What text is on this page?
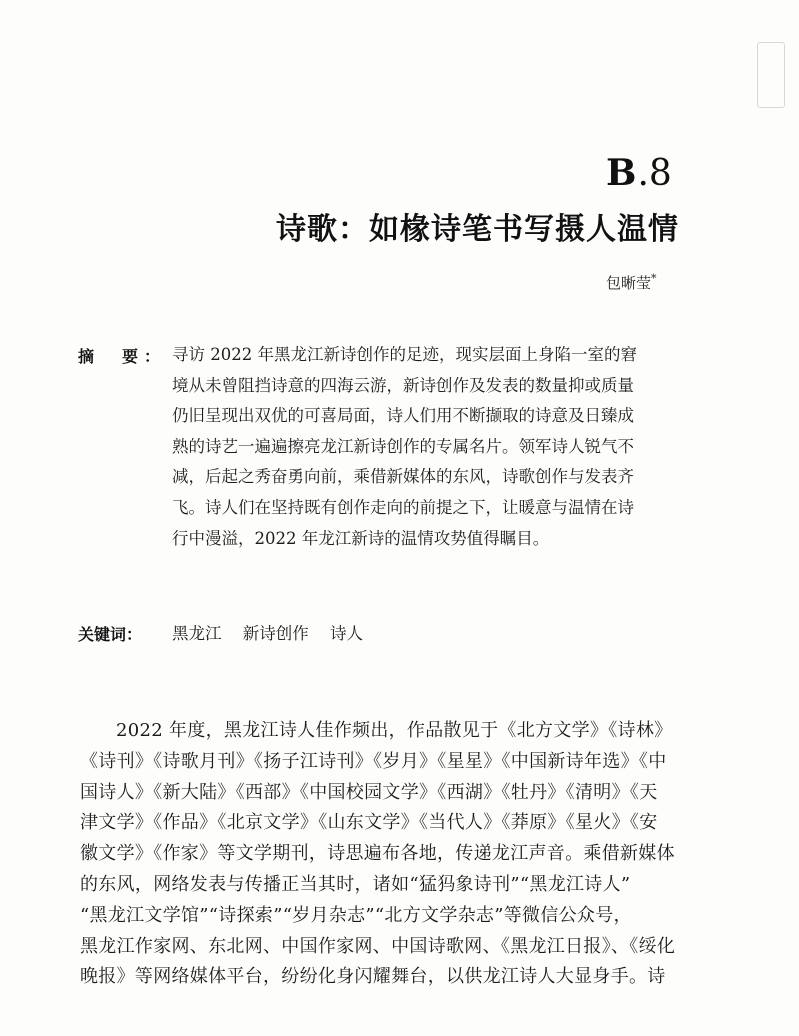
B.8
诗歌：如椽诗笔书写摄人温情
包晰莹*
摘　要： 寻访 2022 年黑龙江新诗创作的足迹，现实层面上身陷一室的窘
境从未曾阻挡诗意的四海云游，新诗创作及发表的数量抑或质量
仍旧呈现出双优的可喜局面，诗人们用不断撷取的诗意及日臻成
熟的诗艺一遍遍擦亮龙江新诗创作的专属名片。领军诗人锐气不
减，后起之秀奋勇向前，乘借新媒体的东风，诗歌创作与发表齐
飞。诗人们在坚持既有创作走向的前提之下，让暖意与温情在诗
行中漫溢，2022 年龙江新诗的温情攻势值得瞩目。
关键词： 黑龙江 新诗创作 诗人
2022 年度，黑龙江诗人佳作频出，作品散见于《北方文学》《诗林》
《诗刊》《诗歌月刊》《扬子江诗刊》《岁月》《星星》《中国新诗年选》《中
国诗人》《新大陆》《西部》《中国校园文学》《西湖》《牡丹》《清明》《天
津文学》《作品》《北京文学》《山东文学》《当代人》《莽原》《星火》《安
徽文学》《作家》等文学期刊，诗思遍布各地，传递龙江声音。乘借新媒体
的东风，网络发表与传播正当其时，诸如“猛犸象诗刊”“黑龙江诗人”
“黑龙江文学馆”“诗探索”“岁月杂志”“北方文学杂志”等微信公众号，
黑龙江作家网、东北网、中国作家网、中国诗歌网、《黑龙江日报》、《绥化
晚报》等网络媒体平台，纷纷化身闪耀舞台，以供龙江诗人大显身手。诗
